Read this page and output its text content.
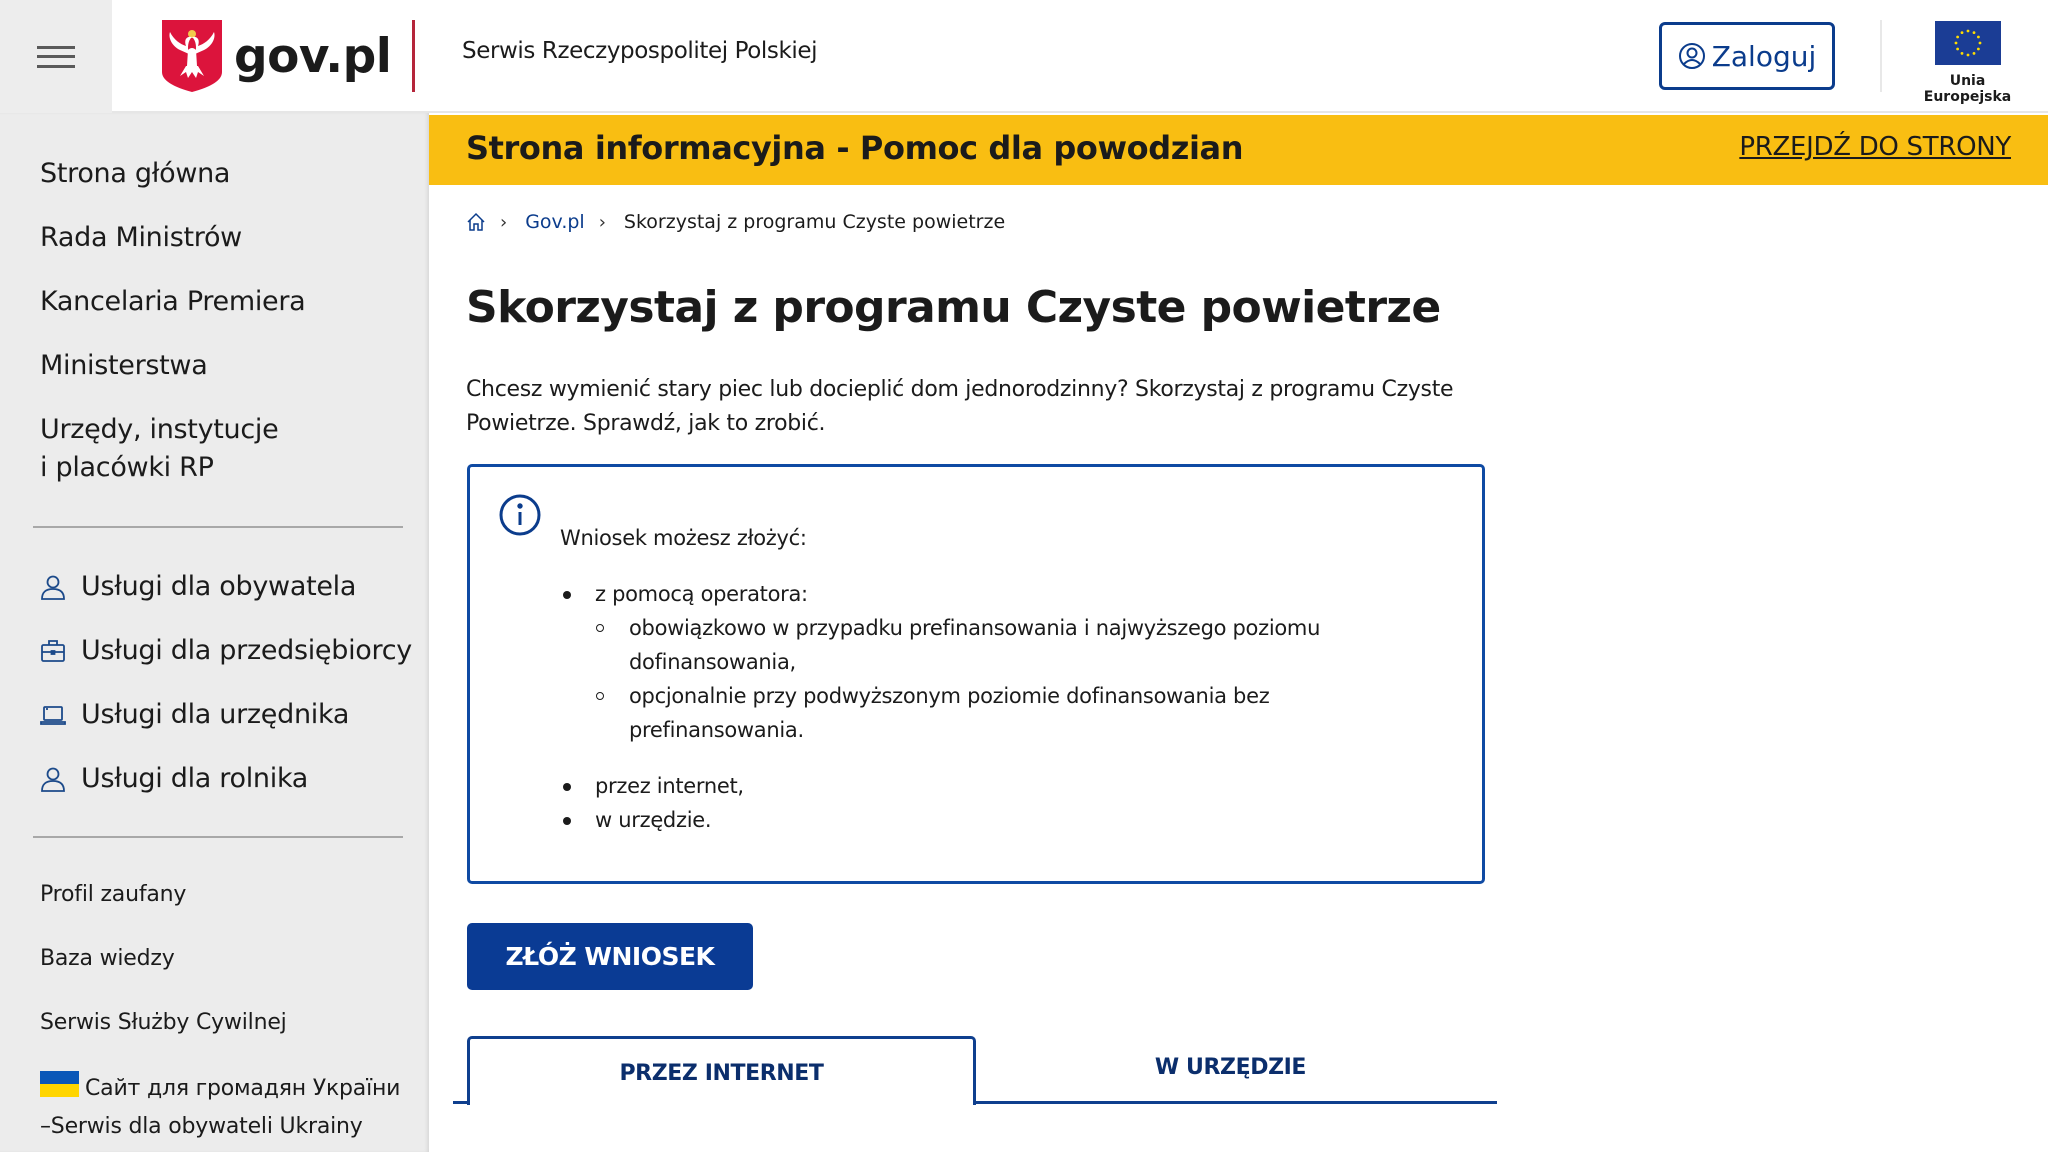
gov.pl	Serwis Rzeczypospolitej Polskiej	Zaloguj
Unia Europejska
Strona główna
Rada Ministrów
Kancelaria Premiera
Ministerstwa
Urzędy, instytucje
i placówki RP
Usługi dla obywatela
Usługi dla przedsiębiorcy
Usługi dla urzędnika
Usługi dla rolnika
Profil zaufany
Baza wiedzy
Serwis Służby Cywilnej
Сайт для громадян України
–Serwis dla obywateli Ukrainy
Strona informacyjna - Pomoc dla powodzian	PRZEJDŹ DO STRONY
› Gov.pl › Skorzystaj z programu Czyste powietrze
Skorzystaj z programu Czyste powietrze

Chcesz wymienić stary piec lub docieplić dom jednorodzinny? Skorzystaj z programu Czyste Powietrze. Sprawdź, jak to zrobić.

Wniosek możesz złożyć:
z pomocą operatora:
obowiązkowo w przypadku prefinansowania i najwyższego poziomu dofinansowania,
opcjonalnie przy podwyższonym poziomie dofinansowania bez prefinansowania.
przez internet,
w urzędzie.
ZŁÓŻ WNIOSEK
PRZEZ INTERNET	W URZĘDZIE
